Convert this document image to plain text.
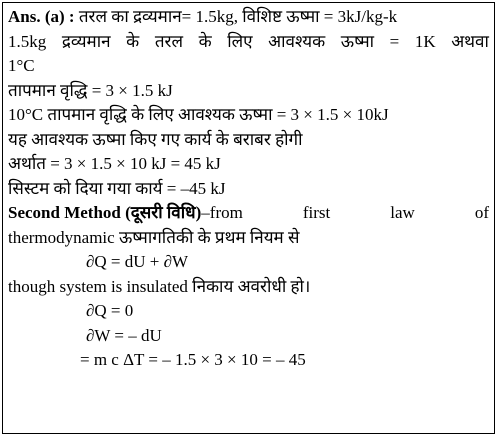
Ans. (a) : तरल का द्रव्यमान= 1.5kg, विशिष्ट ऊष्मा = 3kJ/kg-k
1.5kg द्रव्यमान के तरल के लिए आवश्यक ऊष्मा = 1K अथवा
1°C
तापमान वृद्धि = 3 × 1.5 kJ
10°C तापमान वृद्धि के लिए आवश्यक ऊष्मा = 3 × 1.5 × 10kJ
यह आवश्यक ऊष्मा किए गए कार्य के बराबर होगी
अर्थात = 3 × 1.5 × 10 kJ = 45 kJ
सिस्टम को दिया गया कार्य = –45 kJ
Second Method (दूसरी विधि)–from	first	law	of
thermodynamic ऊष्मागतिकी के प्रथम नियम से
∂Q = dU + ∂W
though system is insulated निकाय अवरोधी हो।
∂Q = 0
∂W = – dU
= m c ΔT = – 1.5 × 3 × 10 = – 45
